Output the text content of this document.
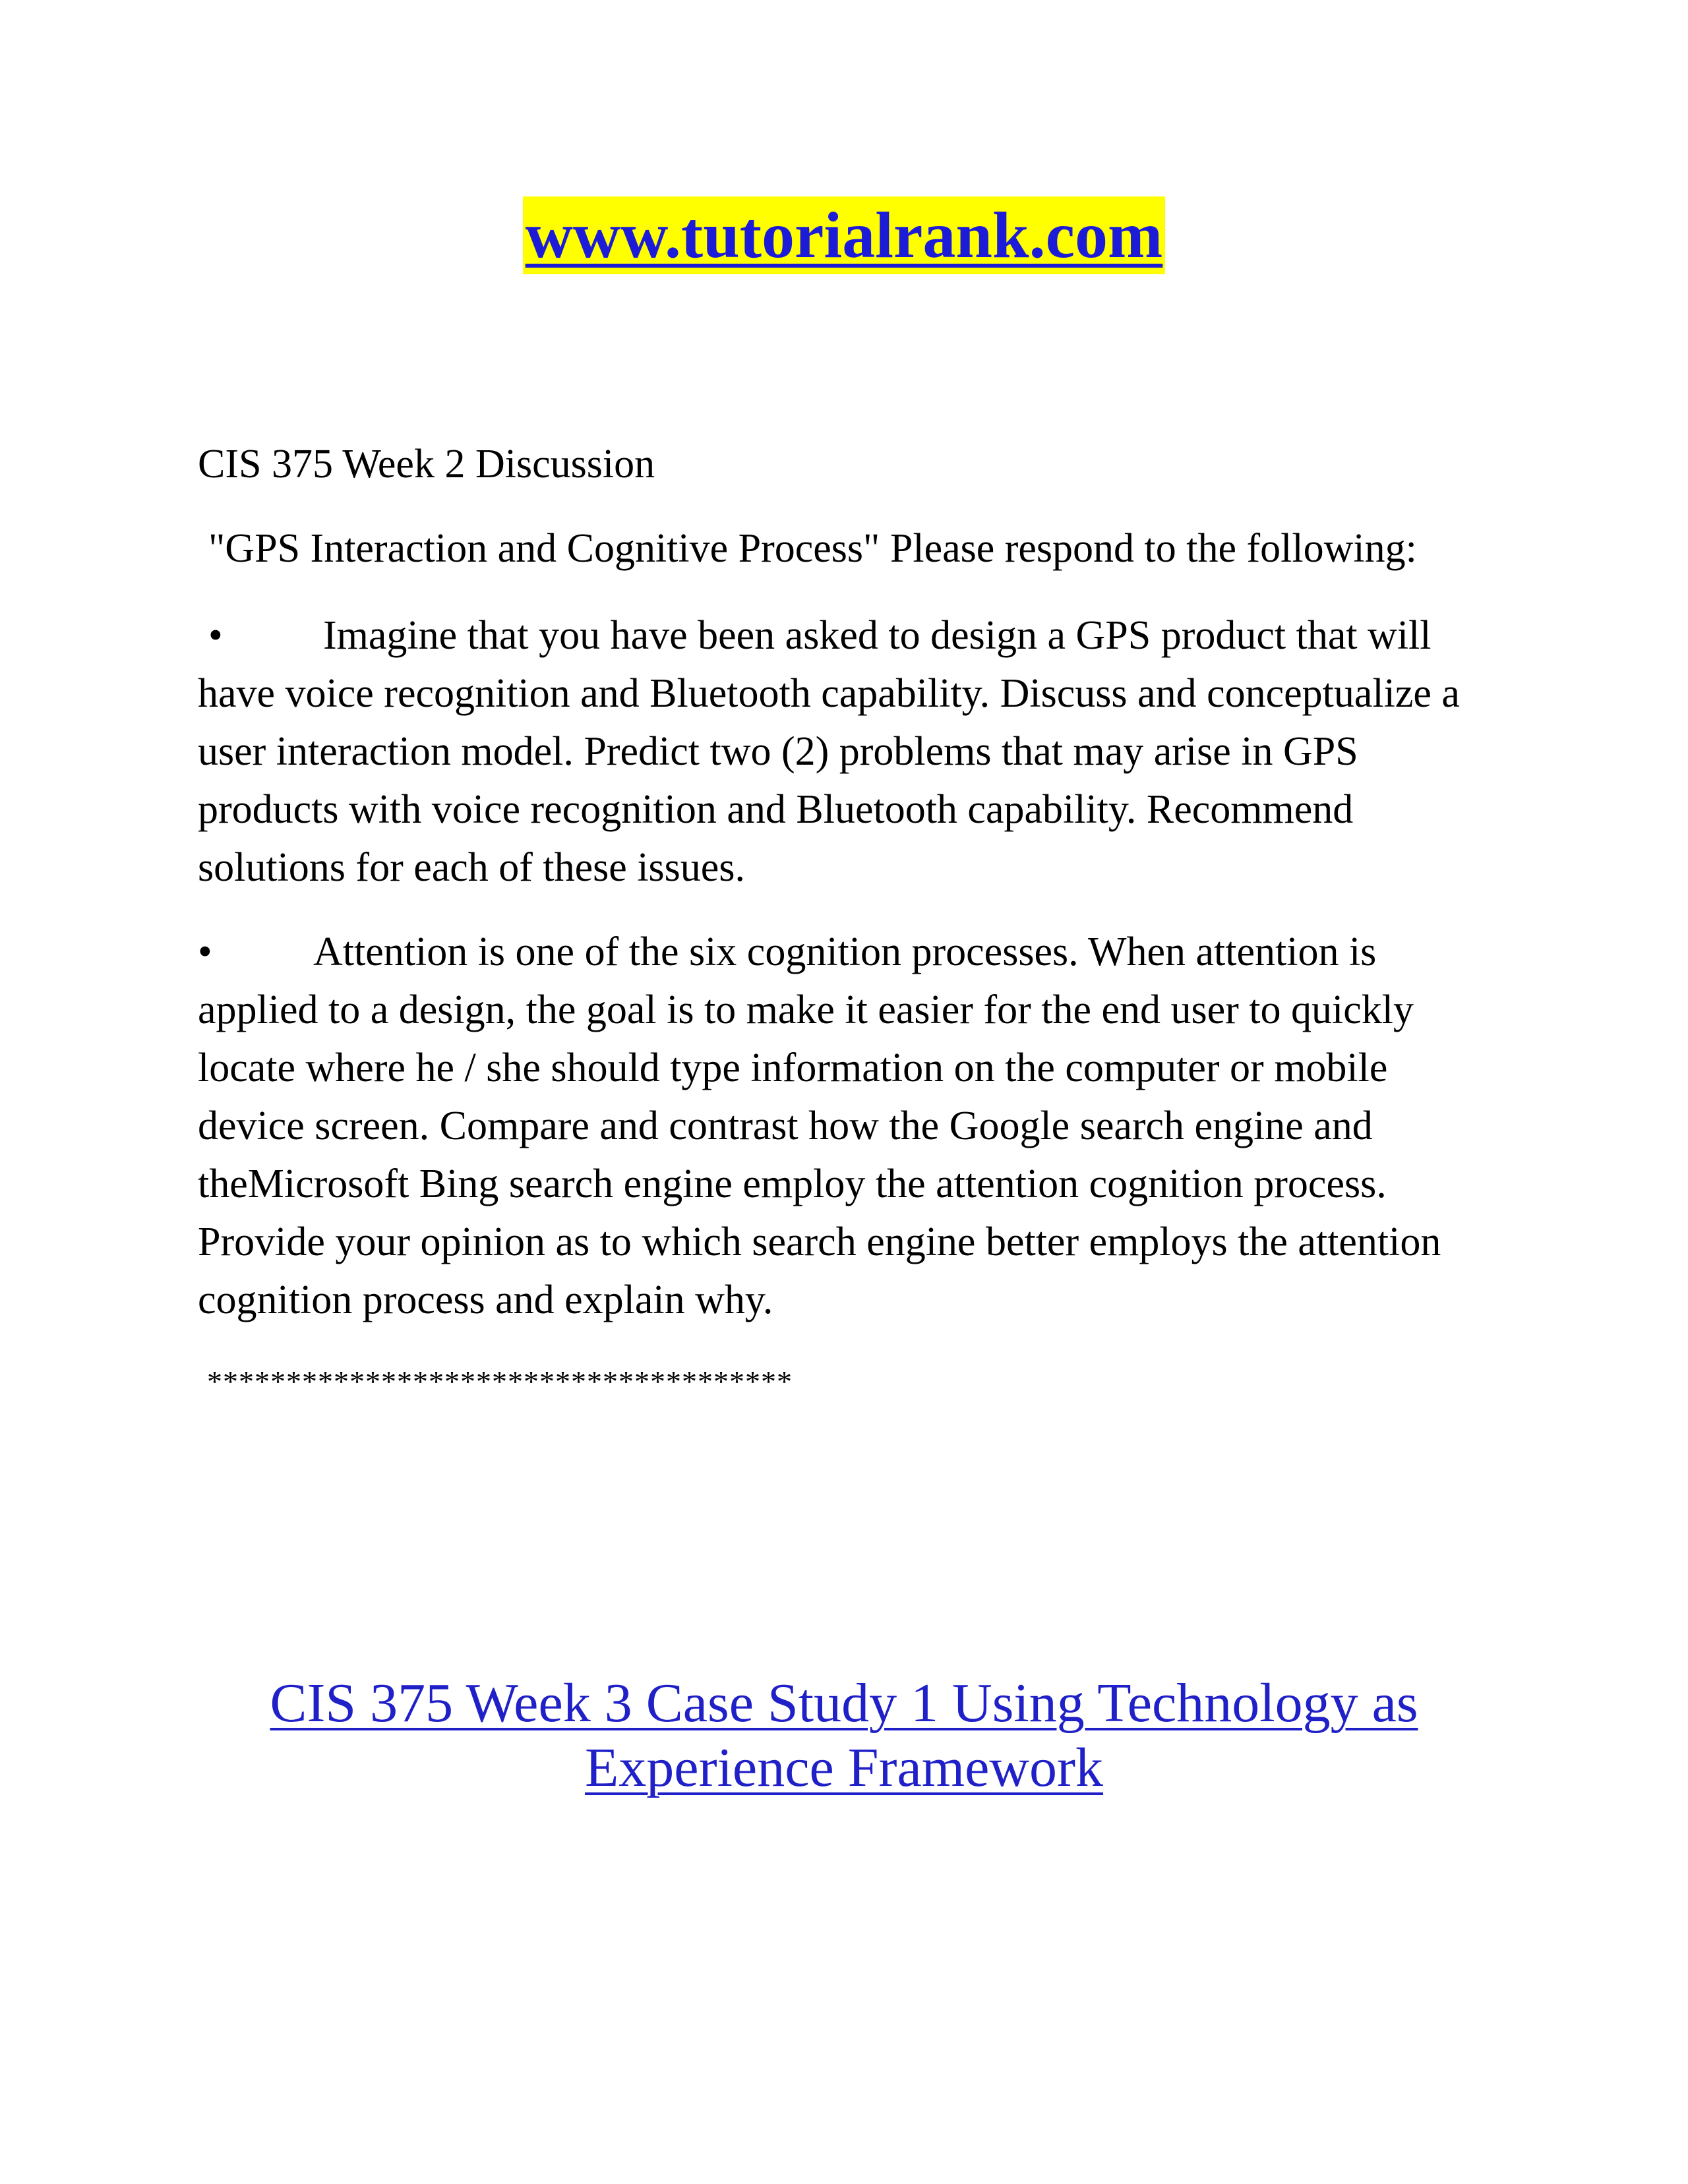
www.tutorialrank.com

CIS 375 Week 2 Discussion

"GPS Interaction and Cognitive Process" Please respond to the following:

• Imagine that you have been asked to design a GPS product that will have voice recognition and Bluetooth capability. Discuss and conceptualize a user interaction model. Predict two (2) problems that may arise in GPS products with voice recognition and Bluetooth capability. Recommend solutions for each of these issues.

• Attention is one of the six cognition processes. When attention is applied to a design, the goal is to make it easier for the end user to quickly locate where he / she should type information on the computer or mobile device screen. Compare and contrast how the Google search engine and theMicrosoft Bing search engine employ the attention cognition process. Provide your opinion as to which search engine better employs the attention cognition process and explain why.

*************************************

CIS 375 Week 3 Case Study 1 Using Technology as Experience Framework
